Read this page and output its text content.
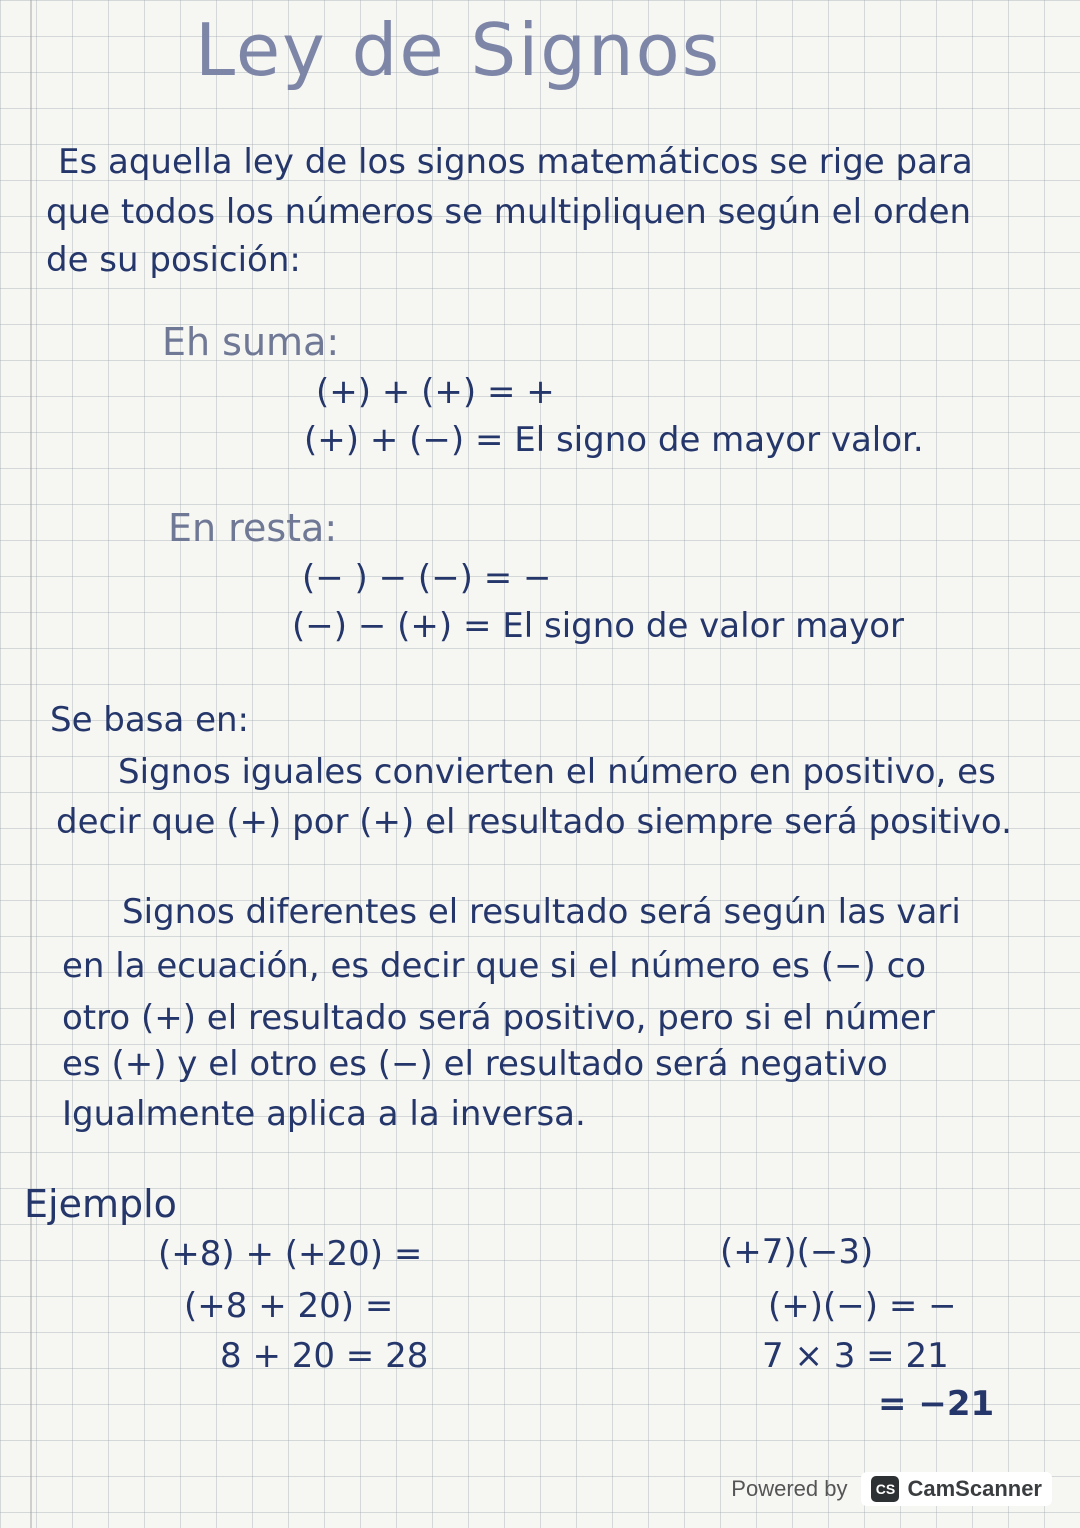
Ley de Signos
Es aquella ley de los signos matemáticos se rige para
que todos los números se multipliquen según el orden
de su posición:
Eh suma:
(+) + (+) = +
(+) + (−) = El signo de mayor valor.
En resta:
(− ) − (−) = −
(−) − (+) = El signo de valor mayor
Se basa en:
Signos iguales convierten el número en positivo, es
decir que (+) por (+) el resultado siempre será positivo.
Signos diferentes el resultado será según las vari
en la ecuación, es decir que si el número es (−) co
otro (+) el resultado será positivo, pero si el númer
es (+) y el otro es (−) el resultado será negativo
Igualmente aplica a la inversa.
Ejemplo
(+8) + (+20) =
(+8 + 20) =
8 + 20 = 28
(+7)(−3)
(+)(−) = −
7 × 3 = 21
= −21
Powered by	CS CamScanner
